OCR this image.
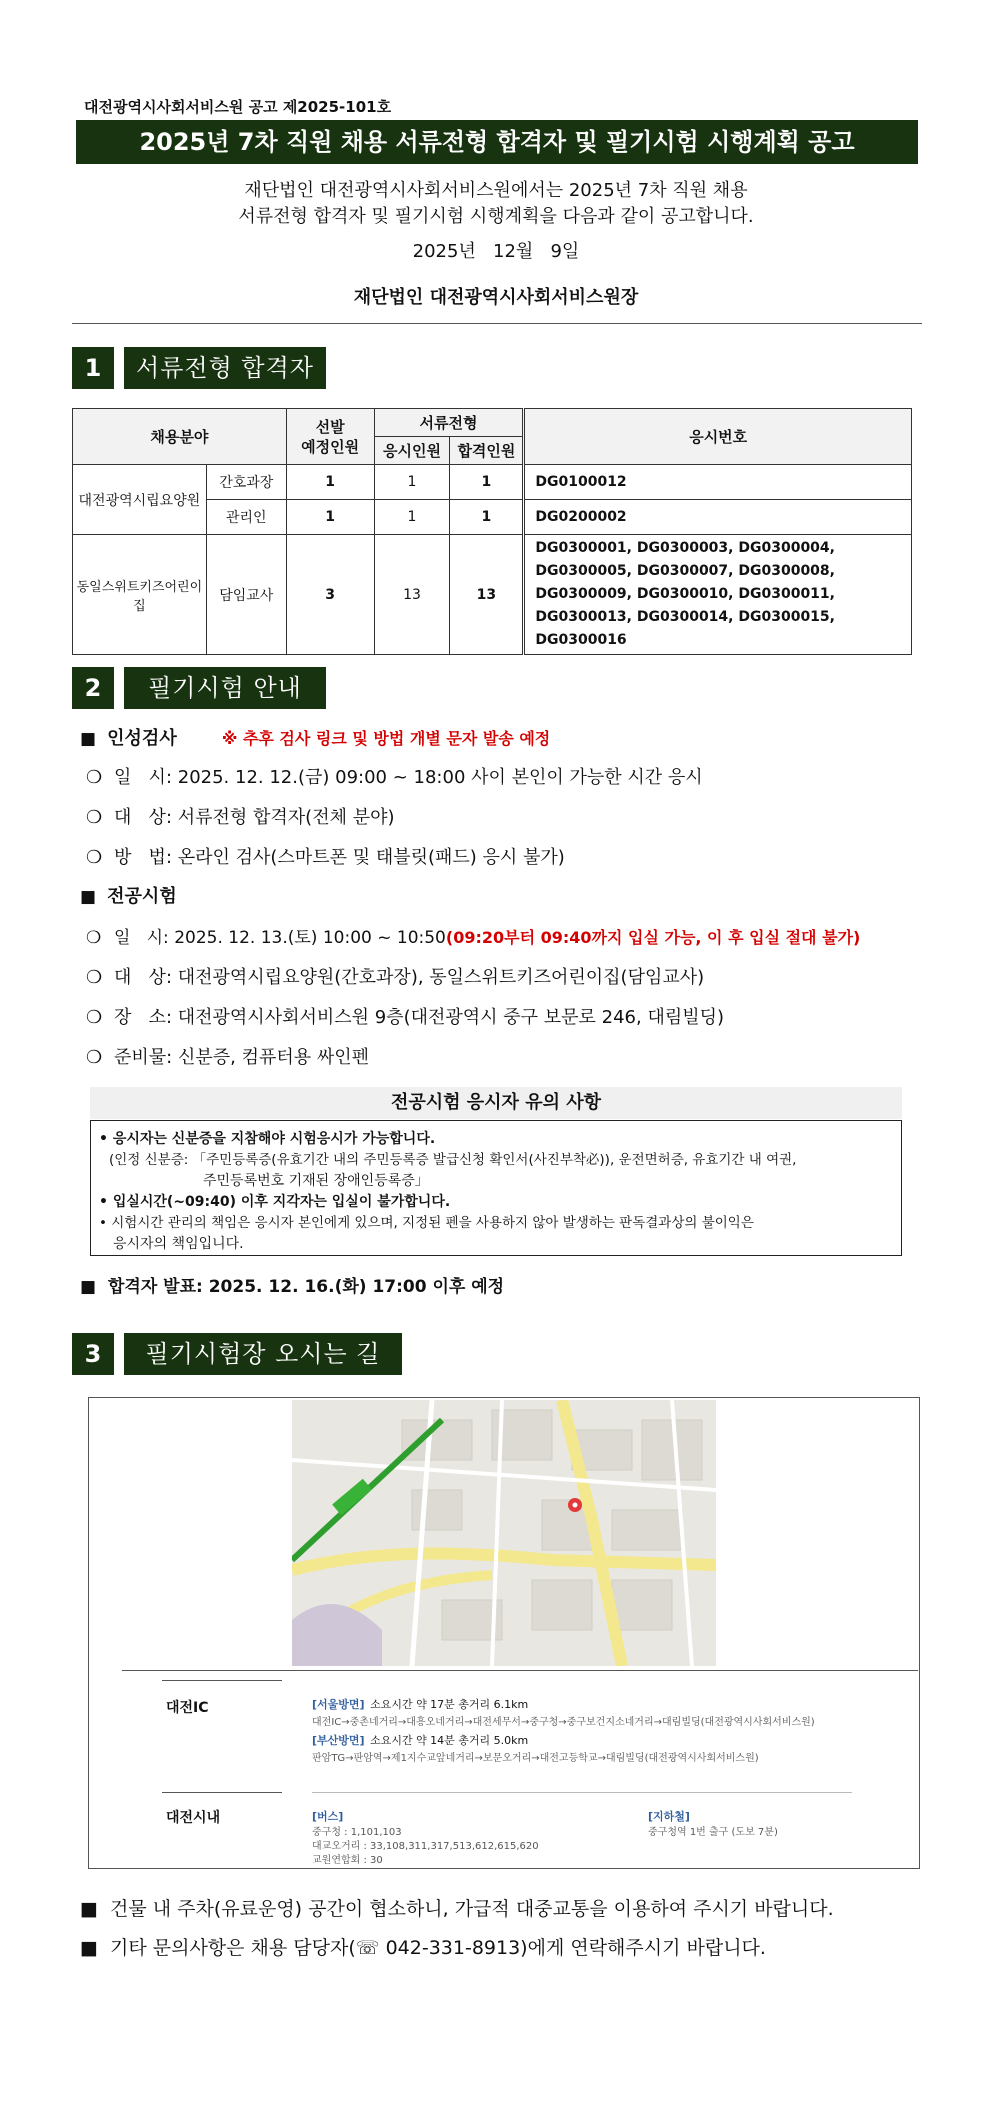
대전광역시사회서비스원 공고 제2025-101호
2025년 7차 직원 채용 서류전형 합격자 및 필기시험 시행계획 공고
재단법인 대전광역시사회서비스원에서는 2025년 7차 직원 채용
서류전형 합격자 및 필기시험 시행계획을 다음과 같이 공고합니다.
2025년   12월   9일
재단법인 대전광역시사회서비스원장
1	서류전형 합격자
채용분야		선발
예정인원	서류전형		응시번호
			응시인원	합격인원	
대전광역시립요양원	간호과장	1	1	1	DG0100012
	관리인	1	1	1	DG0200002
동일스위트키즈어린이집	담임교사	3	13	13	DG0300001, DG0300003, DG0300004, DG0300005, DG0300007, DG0300008, DG0300009, DG0300010, DG0300011, DG0300013, DG0300014, DG0300015, DG0300016
2	필기시험 안내
■ 인성검사	※ 추후 검사 링크 및 방법 개별 문자 발송 예정
❍ 일   시: 2025. 12. 12.(금) 09:00 ~ 18:00 사이 본인이 가능한 시간 응시
❍ 대   상: 서류전형 합격자(전체 분야)
❍ 방   법: 온라인 검사(스마트폰 및 태블릿(패드) 응시 불가)
■ 전공시험
❍ 일   시: 2025. 12. 13.(토) 10:00 ~ 10:50(09:20부터 09:40까지 입실 가능, 이 후 입실 절대 불가)
❍ 대   상: 대전광역시립요양원(간호과장), 동일스위트키즈어린이집(담임교사)
❍ 장   소: 대전광역시사회서비스원 9층(대전광역시 중구 보문로 246, 대림빌딩)
❍ 준비물: 신분증, 컴퓨터용 싸인펜
전공시험 응시자 유의 사항

• 응시자는 신분증을 지참해야 시험응시가 가능합니다.

(인정 신분증: 「주민등록증(유효기간 내의 주민등록증 발급신청 확인서(사진부착必)), 운전면허증, 유효기간 내 여권,

주민등록번호 기재된 장애인등록증」

• 입실시간(~09:40) 이후 지각자는 입실이 불가합니다.

• 시험시간 관리의 책임은 응시자 본인에게 있으며, 지정된 펜을 사용하지 않아 발생하는 판독결과상의 불이익은

응시자의 책임입니다.

■ 합격자 발표: 2025. 12. 16.(화) 17:00 이후 예정
3	필기시험장 오시는 길
대전IC	[서울방면] 소요시간 약 17분 총거리 6.1km
대전IC→중촌네거리→대흥오네거리→대전세무서→중구청→중구보건지소네거리→대림빌딩(대전광역시사회서비스원)
[부산방면] 소요시간 약 14분 총거리 5.0km
판암TG→판암역→제1지수교앞네거리→보문오거리→대전고등학교→대림빌딩(대전광역시사회서비스원)
대전시내	[버스]
중구청 : 1,101,103
대교오거리 : 33,108,311,317,513,612,615,620
교원연합회 : 30
[지하철]
중구청역 1번 출구 (도보 7분)
■ 건물 내 주차(유료운영) 공간이 협소하니, 가급적 대중교통을 이용하여 주시기 바랍니다.
■ 기타 문의사항은 채용 담당자(☏ 042-331-8913)에게 연락해주시기 바랍니다.
